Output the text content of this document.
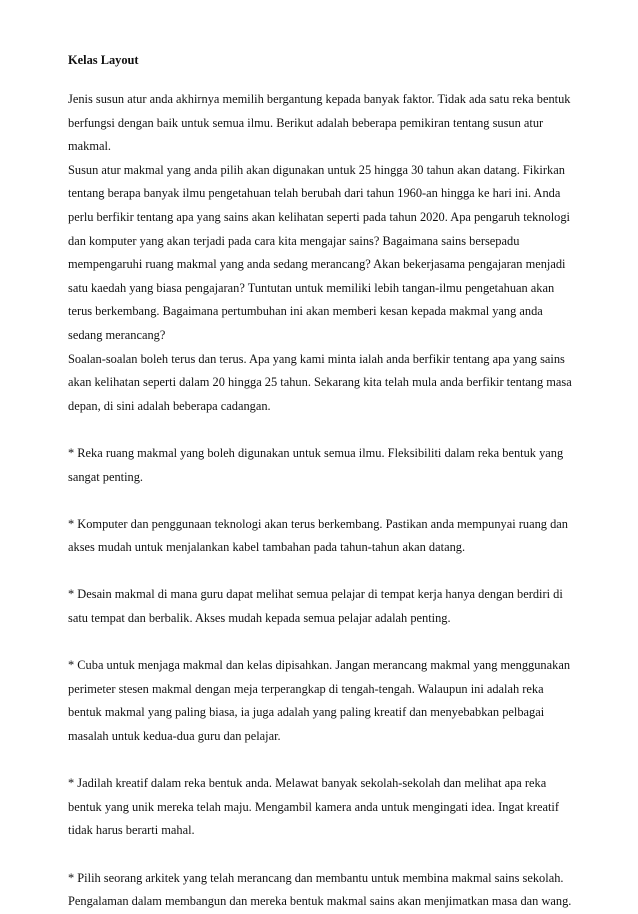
Kelas Layout

Jenis susun atur anda akhirnya memilih bergantung kepada banyak faktor. Tidak ada satu reka bentuk berfungsi dengan baik untuk semua ilmu. Berikut adalah beberapa pemikiran tentang susun atur makmal.

Susun atur makmal yang anda pilih akan digunakan untuk 25 hingga 30 tahun akan datang. Fikirkan tentang berapa banyak ilmu pengetahuan telah berubah dari tahun 1960-an hingga ke hari ini. Anda perlu berfikir tentang apa yang sains akan kelihatan seperti pada tahun 2020. Apa pengaruh teknologi dan komputer yang akan terjadi pada cara kita mengajar sains? Bagaimana sains bersepadu mempengaruhi ruang makmal yang anda sedang merancang? Akan bekerjasama pengajaran menjadi satu kaedah yang biasa pengajaran? Tuntutan untuk memiliki lebih tangan-ilmu pengetahuan akan terus berkembang. Bagaimana pertumbuhan ini akan memberi kesan kepada makmal yang anda sedang merancang?

Soalan-soalan boleh terus dan terus. Apa yang kami minta ialah anda berfikir tentang apa yang sains akan kelihatan seperti dalam 20 hingga 25 tahun. Sekarang kita telah mula anda berfikir tentang masa depan, di sini adalah beberapa cadangan.

* Reka ruang makmal yang boleh digunakan untuk semua ilmu. Fleksibiliti dalam reka bentuk yang sangat penting.

* Komputer dan penggunaan teknologi akan terus berkembang. Pastikan anda mempunyai ruang dan akses mudah untuk menjalankan kabel tambahan pada tahun-tahun akan datang.

* Desain makmal di mana guru dapat melihat semua pelajar di tempat kerja hanya dengan berdiri di satu tempat dan berbalik. Akses mudah kepada semua pelajar adalah penting.

* Cuba untuk menjaga makmal dan kelas dipisahkan. Jangan merancang makmal yang menggunakan perimeter stesen makmal dengan meja terperangkap di tengah-tengah. Walaupun ini adalah reka bentuk makmal yang paling biasa, ia juga adalah yang paling kreatif dan menyebabkan pelbagai masalah untuk kedua-dua guru dan pelajar.

* Jadilah kreatif dalam reka bentuk anda. Melawat banyak sekolah-sekolah dan melihat apa reka bentuk yang unik mereka telah maju. Mengambil kamera anda untuk mengingati idea. Ingat kreatif tidak harus berarti mahal.

* Pilih seorang arkitek yang telah merancang dan membantu untuk membina makmal sains sekolah. Pengalaman dalam membangun dan mereka bentuk makmal sains akan menjimatkan masa dan wang.
